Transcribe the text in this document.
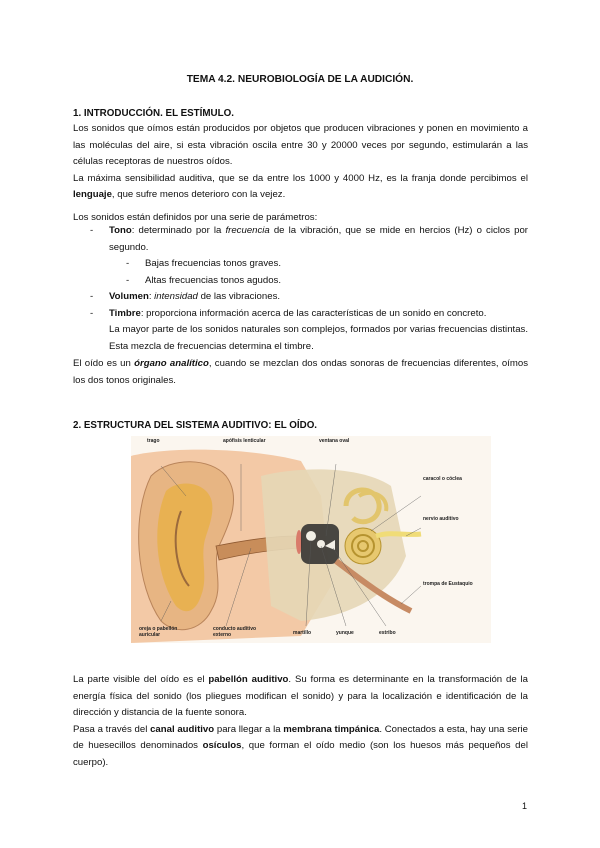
TEMA 4.2. NEUROBIOLOGÍA DE LA AUDICIÓN.
1. INTRODUCCIÓN. EL ESTÍMULO.

Los sonidos que oímos están producidos por objetos que producen vibraciones y ponen en movimiento a las moléculas del aire, si esta vibración oscila entre 30 y 20000 veces por segundo, estimularán a las células receptoras de nuestros oídos.

La máxima sensibilidad auditiva, que se da entre los 1000 y 4000 Hz, es la franja donde percibimos el lenguaje, que sufre menos deterioro con la vejez.

Los sonidos están definidos por una serie de parámetros:
- Tono: determinado por la frecuencia de la vibración, que se mide en hercios (Hz) o ciclos por segundo.
- Bajas frecuencias tonos graves.
- Altas frecuencias tonos agudos.
- Volumen: intensidad de las vibraciones.
- Timbre: proporciona información acerca de las características de un sonido en concreto.
La mayor parte de los sonidos naturales son complejos, formados por varias frecuencias distintas. Esta mezcla de frecuencias determina el timbre.
El oído es un órgano analítico, cuando se mezclan dos ondas sonoras de frecuencias diferentes, oímos los dos tonos originales.
2. ESTRUCTURA DEL SISTEMA AUDITIVO: EL OÍDO.
trago	apófisis lenticular	ventana oval
caracol o cóclea
nervio auditivo
trompa de Eustaquio
oreja o pabellón auricular
conducto auditivo externo	martillo	yunque	estribo

La parte visible del oído es el pabellón auditivo. Su forma es determinante en la transformación de la energía física del sonido (los pliegues modifican el sonido) y para la localización e identificación de la dirección y distancia de la fuente sonora.

Pasa a través del canal auditivo para llegar a la membrana timpánica. Conectados a esta, hay una serie de huesecillos denominados osículos, que forman el oído medio (son los huesos más pequeños del cuerpo).

1
